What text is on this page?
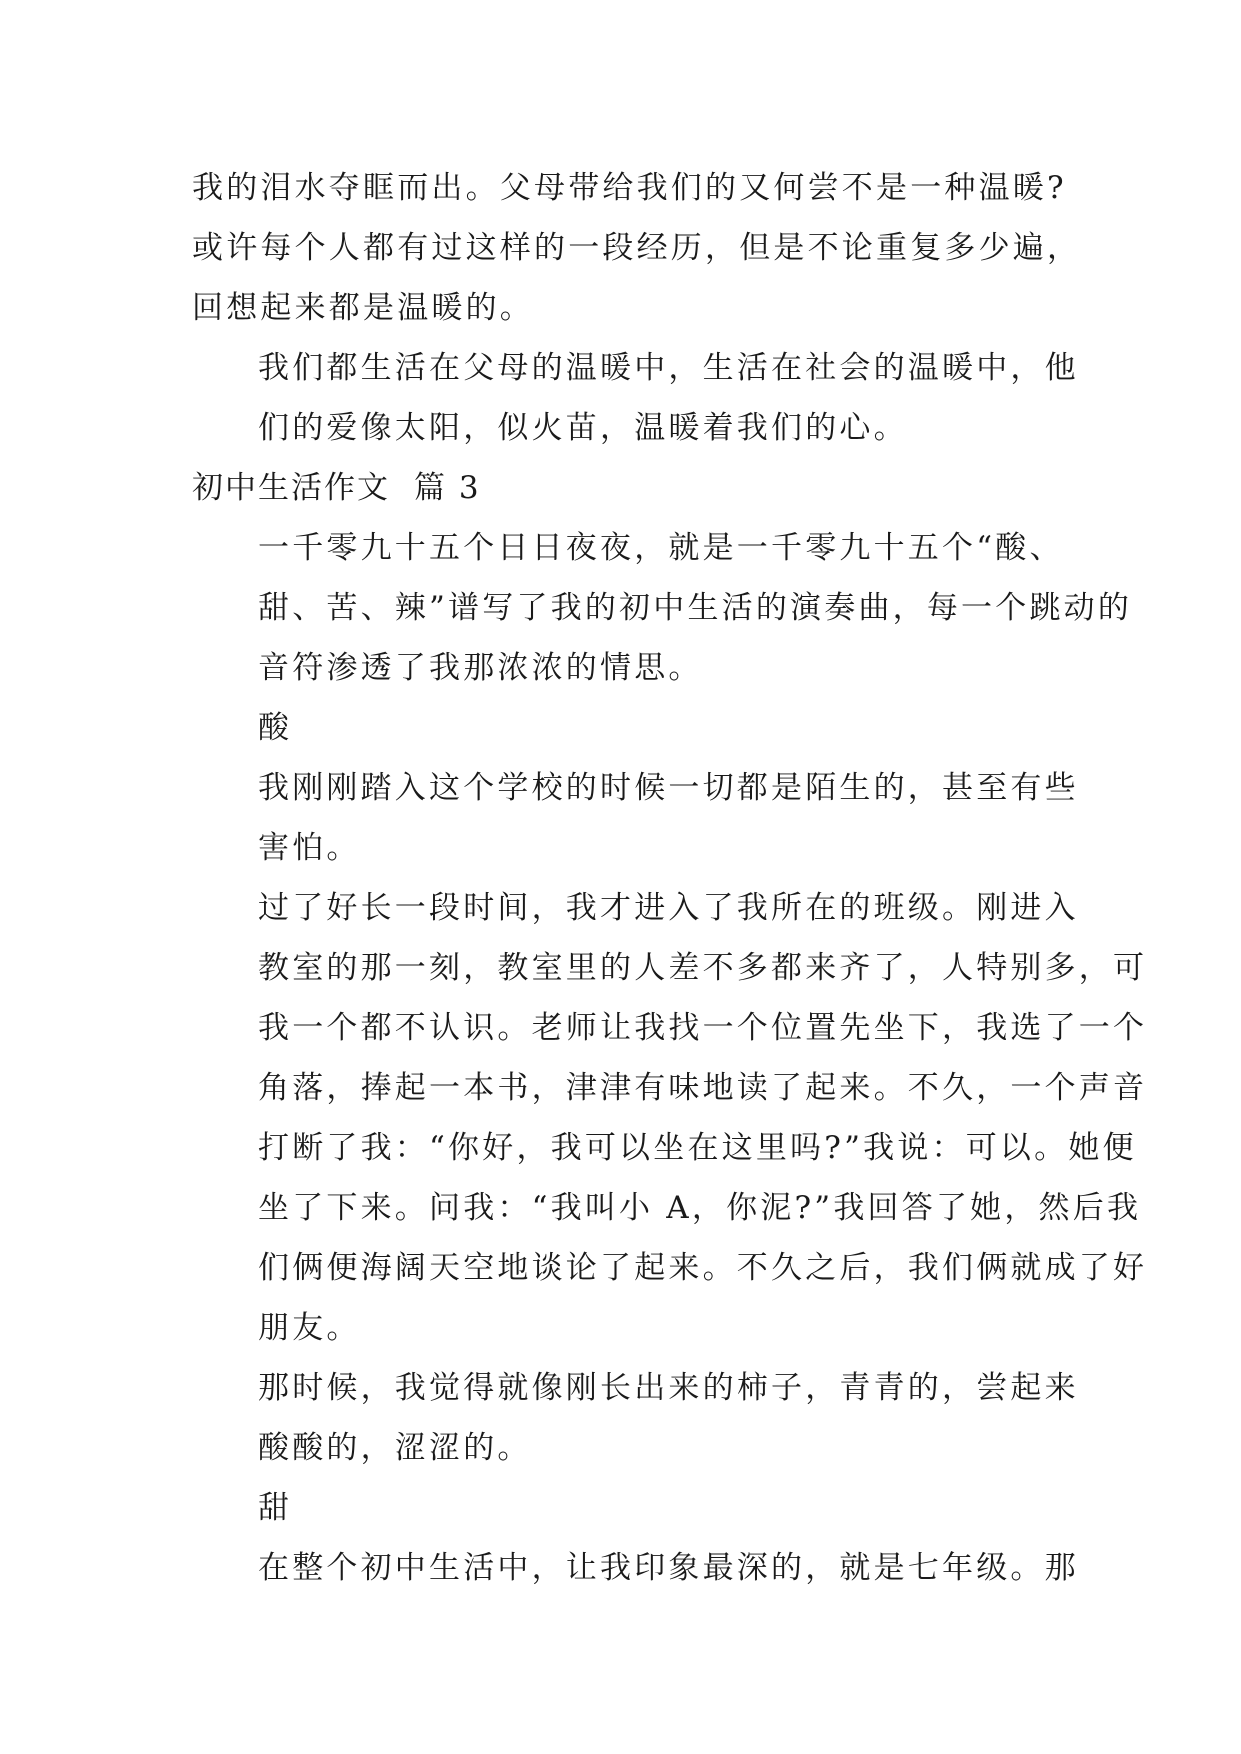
我的泪水夺眶而出。父母带给我们的又何尝不是一种温暖?
或许每个人都有过这样的一段经历，但是不论重复多少遍，
回想起来都是温暖的。
我们都生活在父母的温暖中，生活在社会的温暖中，他
们的爱像太阳，似火苗，温暖着我们的心。
初中生活作文 篇 3
一千零九十五个日日夜夜，就是一千零九十五个“酸、
甜、苦、辣”谱写了我的初中生活的演奏曲，每一个跳动的
音符渗透了我那浓浓的情思。
酸
我刚刚踏入这个学校的时候一切都是陌生的，甚至有些
害怕。
过了好长一段时间，我才进入了我所在的班级。刚进入
教室的那一刻，教室里的人差不多都来齐了，人特别多，可
我一个都不认识。老师让我找一个位置先坐下，我选了一个
角落，捧起一本书，津津有味地读了起来。不久，一个声音
打断了我：“你好，我可以坐在这里吗?”我说：可以。她便
坐了下来。问我：“我叫小 A，你泥?”我回答了她，然后我
们俩便海阔天空地谈论了起来。不久之后，我们俩就成了好
朋友。
那时候，我觉得就像刚长出来的柿子，青青的，尝起来
酸酸的，涩涩的。
甜
在整个初中生活中，让我印象最深的，就是七年级。那
